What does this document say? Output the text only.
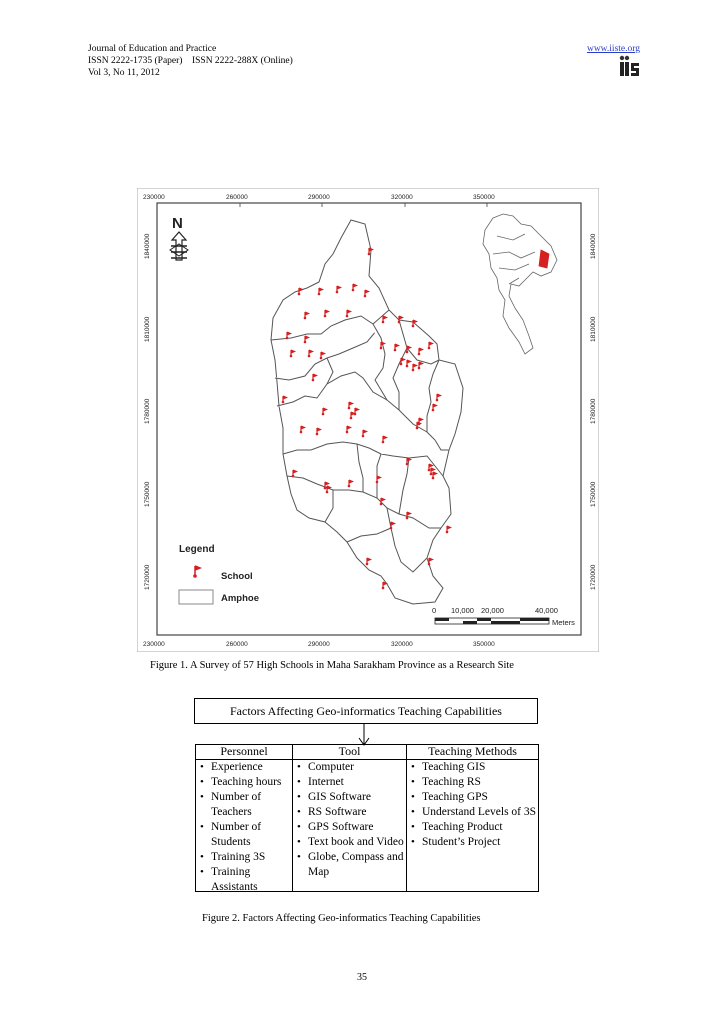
Journal of Education and Practice
ISSN 2222-1735 (Paper)    ISSN 2222-288X (Online)
Vol 3, No 11, 2012
www.iiste.org
230000	260000	290000	320000	350000
230000	260000	290000	320000	350000
1840000
1810000
1780000
1750000
1720000
1840000
1810000
1780000
1750000
1720000
N
Legend
School
Amphoe
0 10,000 20,000	40,000
Meters
Figure 1. A Survey of 57 High Schools in Maha Sarakham Province as a Research Site
Factors Affecting Geo-informatics Teaching Capabilities
Personnel
• Experience
• Teaching hours
• Number of Teachers
• Number of Students
• Training 3S
• Training Assistants
Tool
• Computer
• Internet
• GIS Software
• RS Software
• GPS Software
• Text book and Video
• Globe, Compass and Map
Teaching Methods
• Teaching GIS
• Teaching RS
• Teaching GPS
• Understand Levels of 3S
• Teaching Product
• Student’s Project
Figure 2. Factors Affecting Geo-informatics Teaching Capabilities
35
